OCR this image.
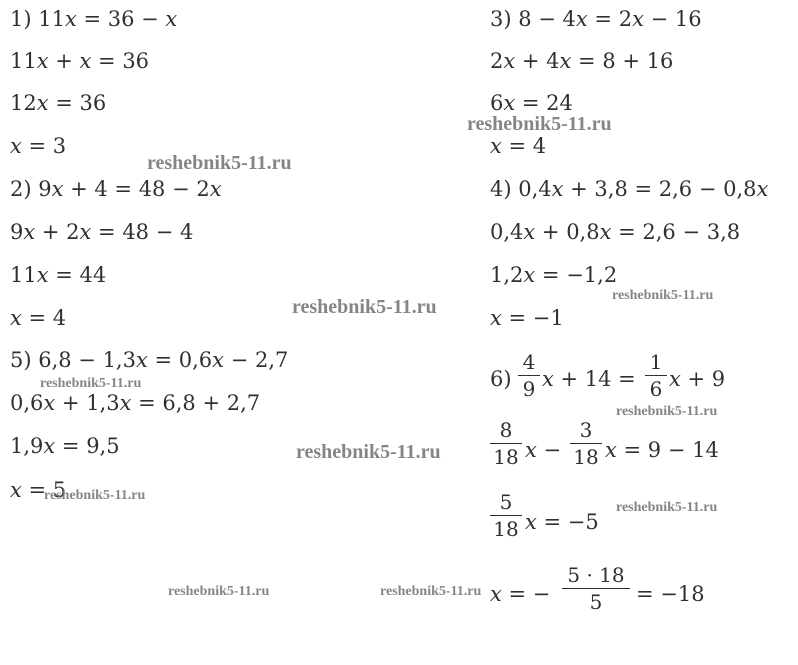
1) 11x = 36 − x
11x + x = 36
12x = 36
x = 3
2) 9x + 4 = 48 − 2x
9x + 2x = 48 − 4
11x = 44
x = 4
5) 6,8 − 1,3x = 0,6x − 2,7
0,6x + 1,3x = 6,8 + 2,7
1,9x = 9,5
x = 5
3) 8 − 4x = 2x − 16
2x + 4x = 8 + 16
6x = 24
x = 4
4) 0,4x + 3,8 = 2,6 − 0,8x
0,4x + 0,8x = 2,6 − 3,8
1,2x = −1,2
x = −1
6)
4
9 x + 14 =
1
6 x + 9
8
18 x −
3
18 x = 9 − 14
5
18 x = −5
x = −
5 · 18
5	= −18
reshebnik5-11.ru
reshebnik5-11.ru
reshebnik5-11.ru
reshebnik5-11.ru
reshebnik5-11.ru
reshebnik5-11.ru
reshebnik5-11.ru
reshebnik5-11.ru
reshebnik5-11.ru
reshebnik5-11.ru	reshebnik5-11.ru
